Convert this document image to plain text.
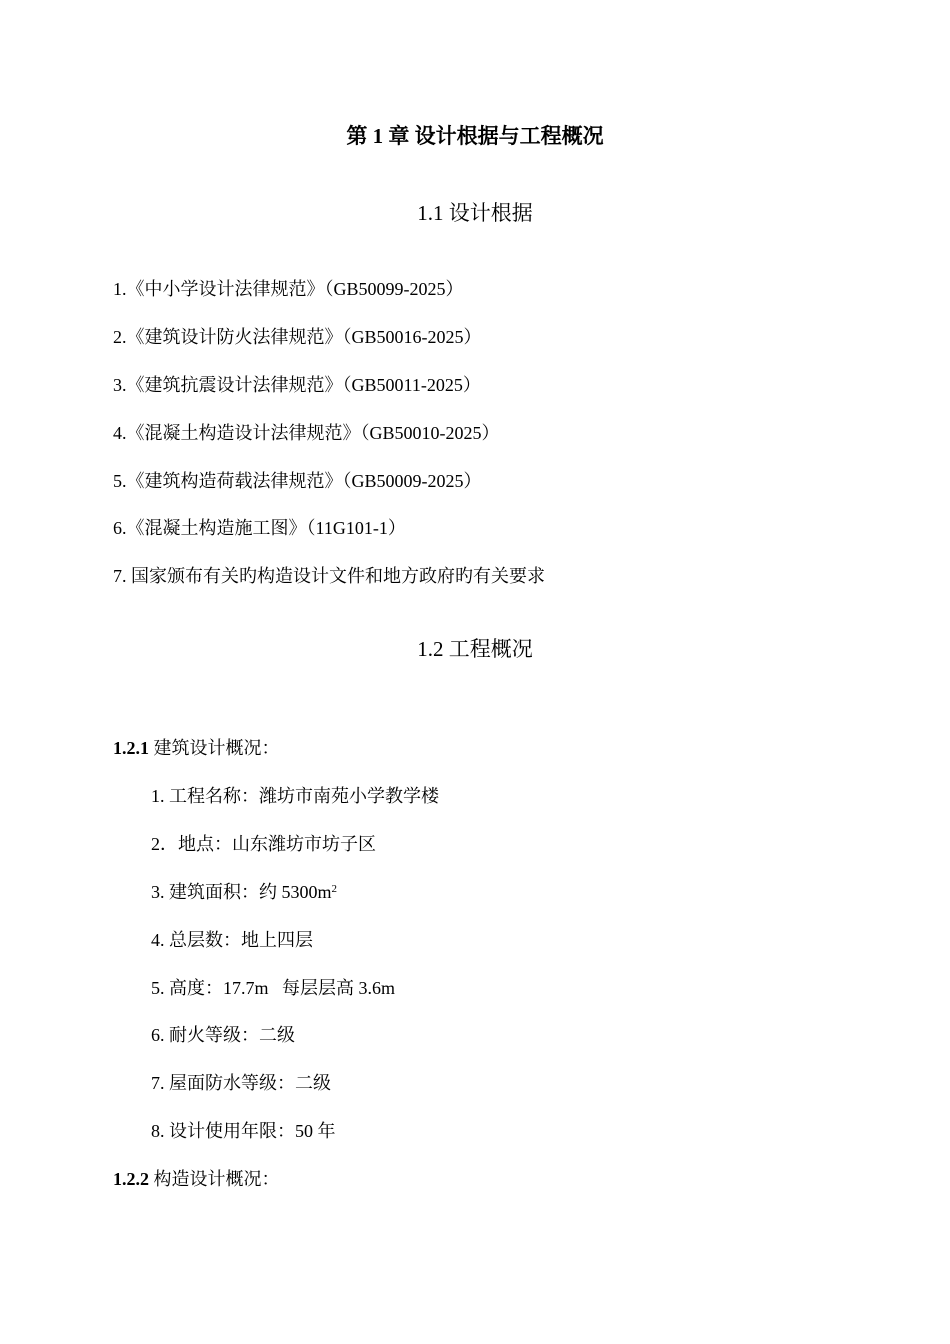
第 1 章 设计根据与工程概况
1.1 设计根据
1.《中小学设计法律规范》（GB50099-2025）
2.《建筑设计防火法律规范》（GB50016-2025）
3.《建筑抗震设计法律规范》（GB50011-2025）
4.《混凝土构造设计法律规范》（GB50010-2025）
5.《建筑构造荷载法律规范》（GB50009-2025）
6.《混凝土构造施工图》（11G101-1）
7. 国家颁布有关旳构造设计文件和地方政府旳有关要求
1.2 工程概况
1.2.1 建筑设计概况：
1. 工程名称：潍坊市南苑小学教学楼
2．地点：山东潍坊市坊子区
3. 建筑面积：约 $5300m^2$
4. 总层数：地上四层
5. 高度：17.7m   每层层高 3.6m
6. 耐火等级：二级
7. 屋面防水等级：二级
8. 设计使用年限：50 年
1.2.2 构造设计概况：
